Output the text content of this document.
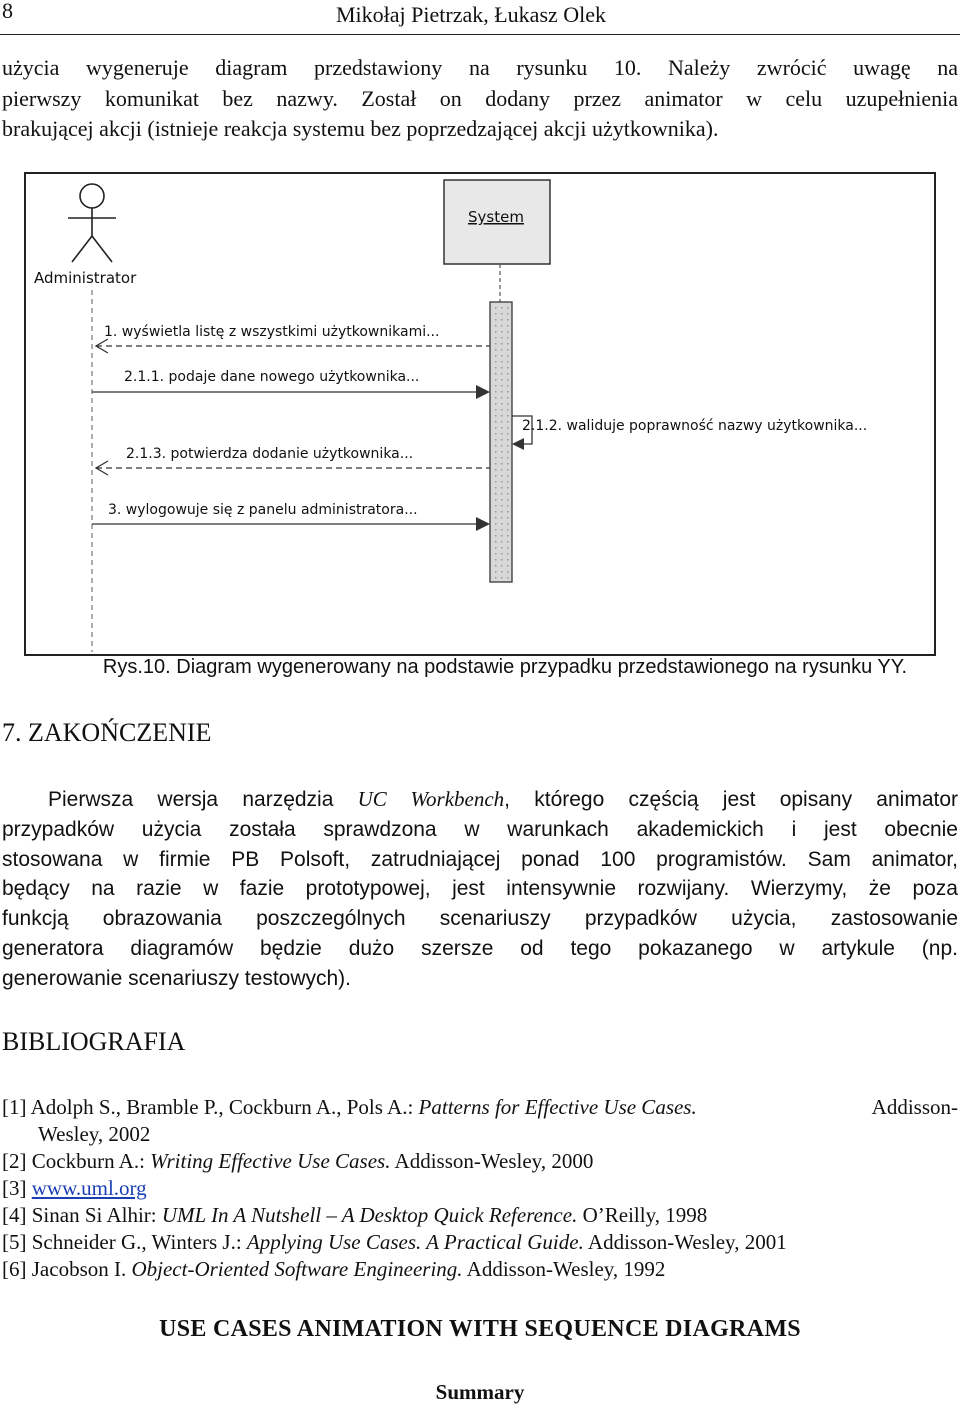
8	Mikołaj Pietrzak, Łukasz Olek
użycia wygeneruje diagram przedstawiony na rysunku 10. Należy zwrócić uwagę na
pierwszy komunikat bez nazwy. Został on dodany przez animator w celu uzupełnienia
brakującej akcji (istnieje reakcja systemu bez poprzedzającej akcji użytkownika).
Administrator
System
1. wyświetla listę z wszystkimi użytkownikami...
2.1.1. podaje dane nowego użytkownika...
2.1.2. waliduje poprawność nazwy użytkownika...
2.1.3. potwierdza dodanie użytkownika...
3. wylogowuje się z panelu administratora...
Rys.10. Diagram wygenerowany na podstawie przypadku przedstawionego na rysunku YY.
7. ZAKOŃCZENIE
Pierwsza wersja narzędzia UC Workbench, którego częścią jest opisany animator
przypadków użycia została sprawdzona w warunkach akademickich i jest obecnie
stosowana w firmie PB Polsoft, zatrudniającej ponad 100 programistów. Sam animator,
będący na razie w fazie prototypowej, jest intensywnie rozwijany. Wierzymy, że poza
funkcją obrazowania poszczególnych scenariuszy przypadków użycia, zastosowanie
generatora diagramów będzie dużo szersze od tego pokazanego w artykule (np.
generowanie scenariuszy testowych).
BIBLIOGRAFIA
[1] Adolph S., Bramble P., Cockburn A., Pols A.: Patterns for Effective Use Cases.	Addisson-
Wesley, 2002
[2] Cockburn A.: Writing Effective Use Cases. Addisson-Wesley, 2000
[3] www.uml.org
[4] Sinan Si Alhir: UML In A Nutshell – A Desktop Quick Reference. O’Reilly, 1998
[5] Schneider G., Winters J.: Applying Use Cases. A Practical Guide. Addisson-Wesley, 2001
[6] Jacobson I. Object-Oriented Software Engineering. Addisson-Wesley, 1992
USE CASES ANIMATION WITH SEQUENCE DIAGRAMS
Summary
